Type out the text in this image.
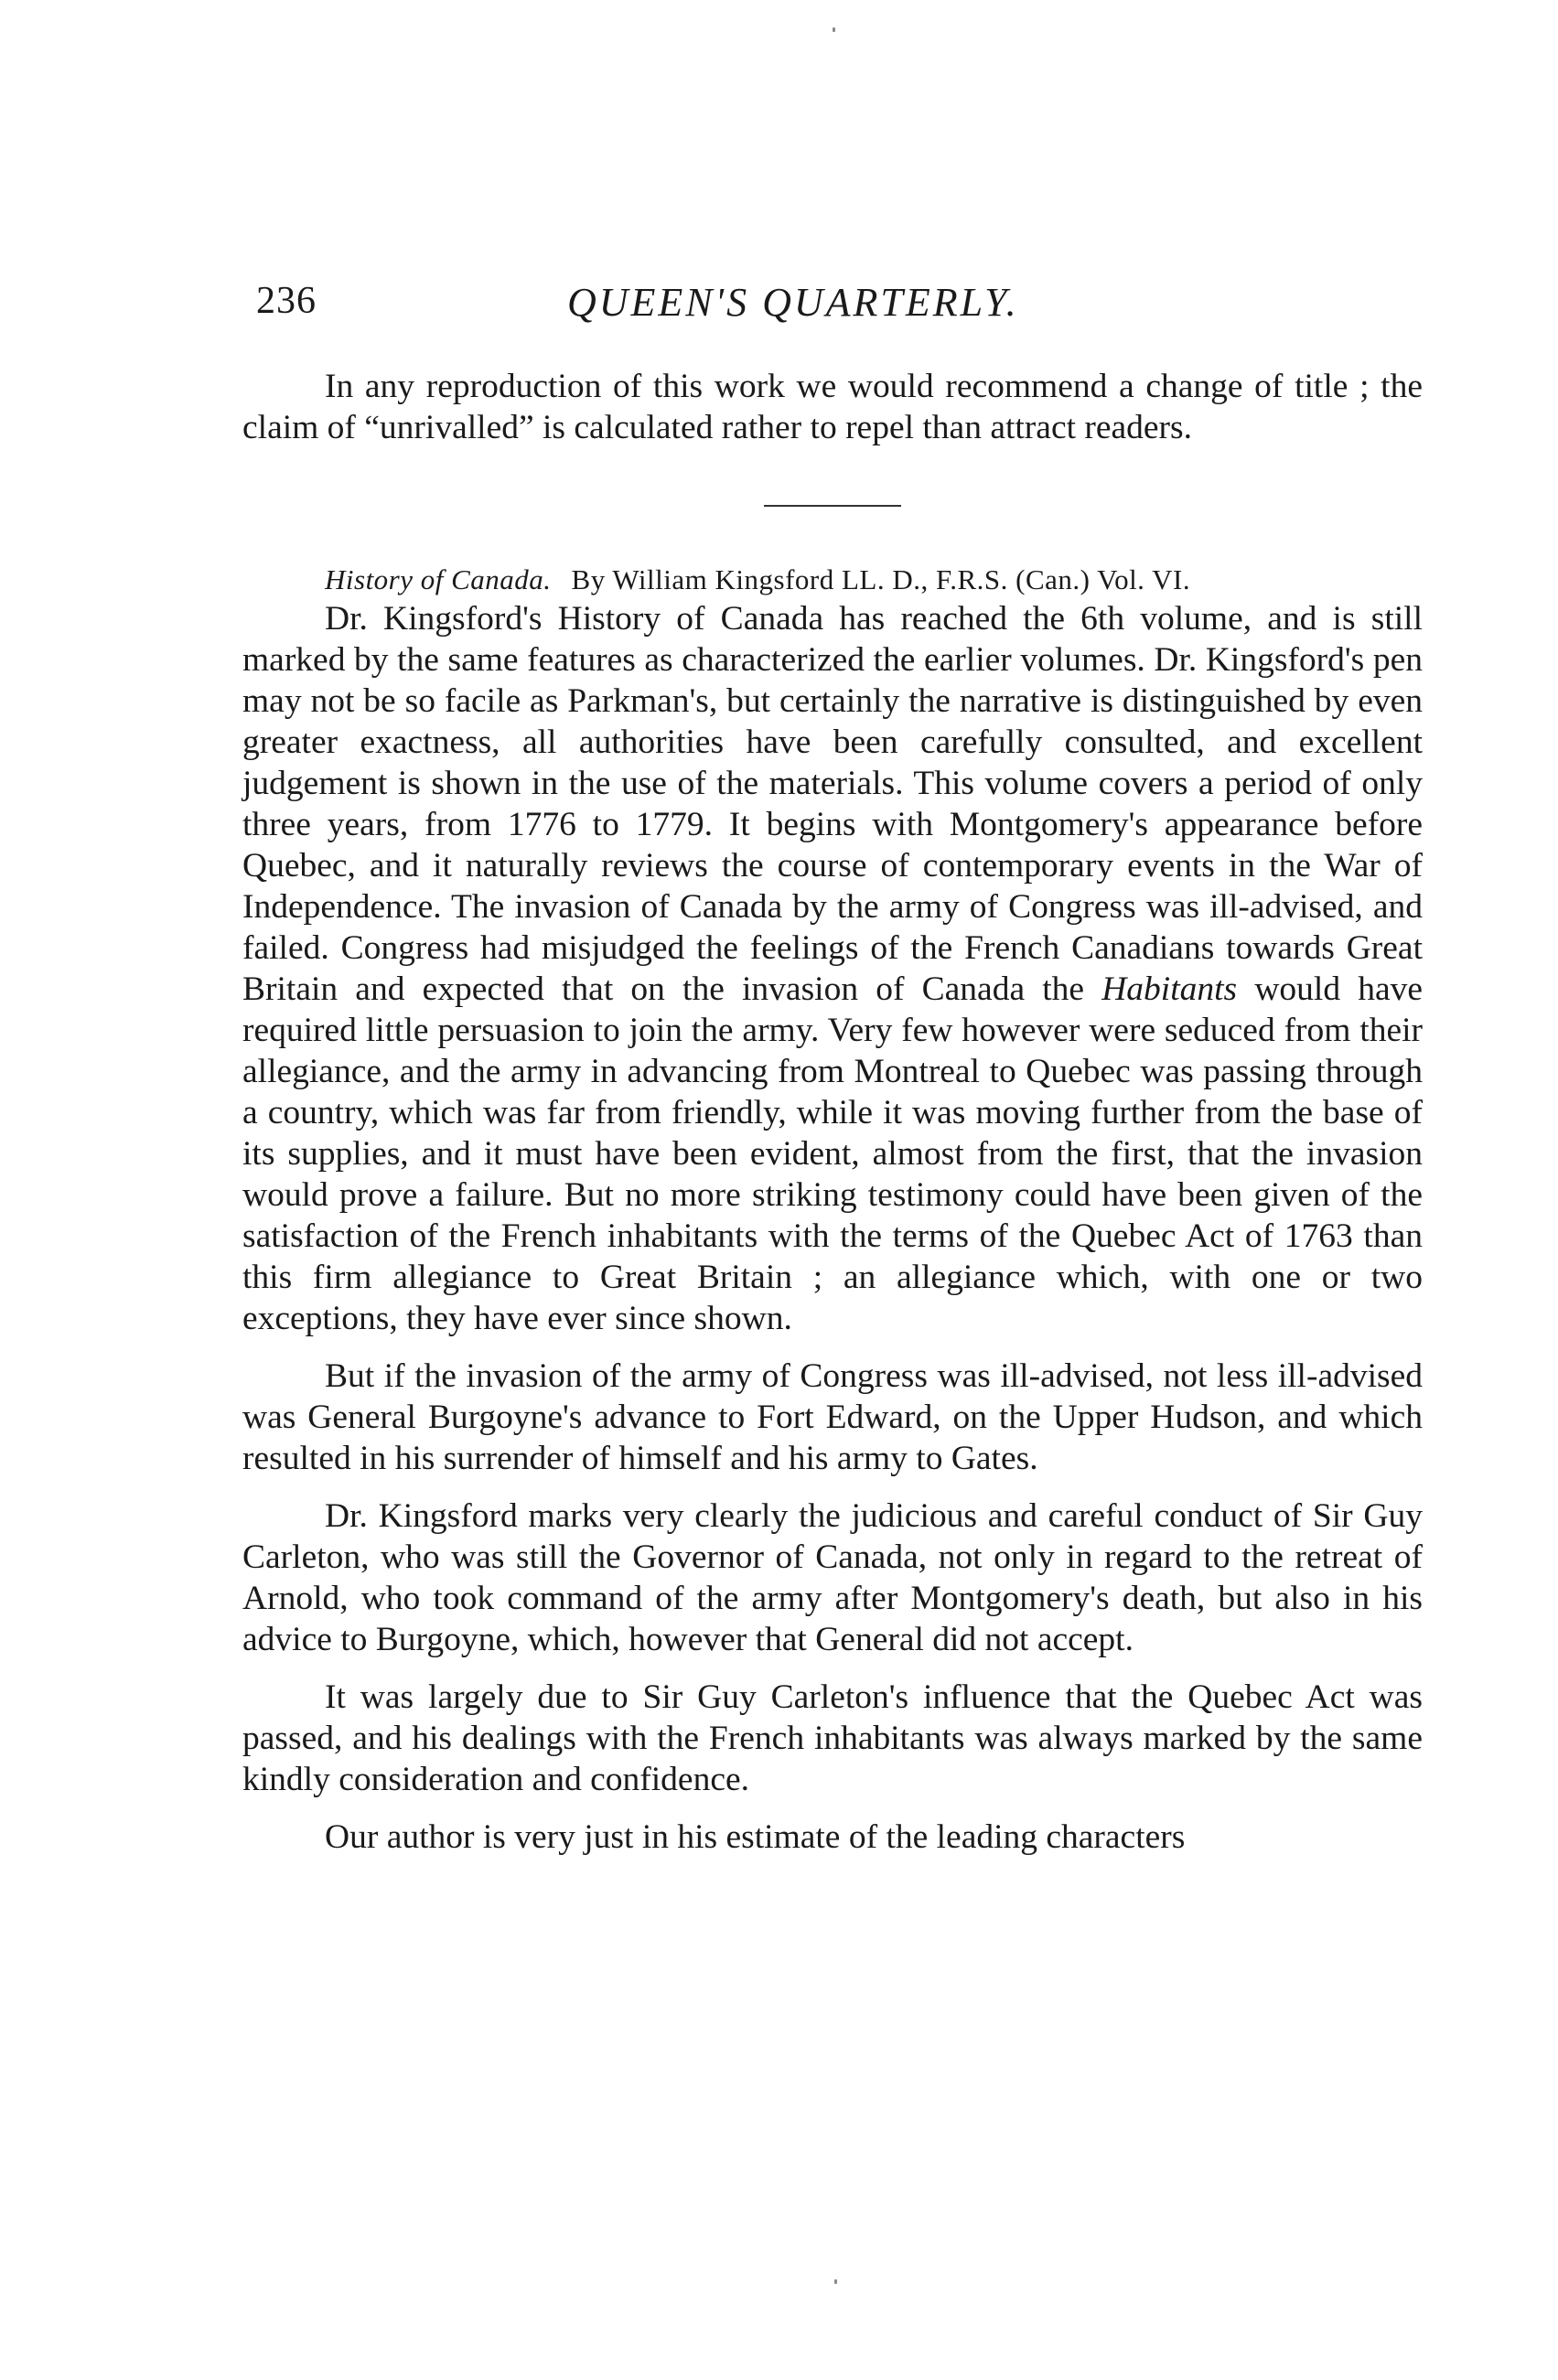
236	QUEEN'S QUARTERLY.

In any reproduction of this work we would recommend a change of title ; the claim of “unrivalled” is calculated rather to repel than attract readers.

History of Canada. By William Kingsford LL. D., F.R.S. (Can.) Vol. VI.

Dr. Kingsford's History of Canada has reached the 6th volume, and is still marked by the same features as characterized the earlier volumes. Dr. Kingsford's pen may not be so facile as Parkman's, but certainly the narrative is distinguished by even greater exactness, all authorities have been carefully consulted, and excellent judgement is shown in the use of the materials. This volume covers a period of only three years, from 1776 to 1779. It begins with Montgomery's appearance before Quebec, and it naturally reviews the course of contemporary events in the War of Independence. The invasion of Canada by the army of Congress was ill-advised, and failed. Congress had misjudged the feelings of the French Canadians towards Great Britain and expected that on the invasion of Canada the Habitants would have required little persuasion to join the army. Very few however were seduced from their allegiance, and the army in advancing from Montreal to Quebec was passing through a country, which was far from friendly, while it was moving further from the base of its supplies, and it must have been evident, almost from the first, that the invasion would prove a failure. But no more striking testimony could have been given of the satisfaction of the French inhabitants with the terms of the Quebec Act of 1763 than this firm allegiance to Great Britain ; an allegiance which, with one or two exceptions, they have ever since shown.

But if the invasion of the army of Congress was ill-advised, not less ill-advised was General Burgoyne's advance to Fort Edward, on the Upper Hudson, and which resulted in his surrender of himself and his army to Gates.

Dr. Kingsford marks very clearly the judicious and careful conduct of Sir Guy Carleton, who was still the Governor of Canada, not only in regard to the retreat of Arnold, who took command of the army after Montgomery's death, but also in his advice to Burgoyne, which, however that General did not accept.

It was largely due to Sir Guy Carleton's influence that the Quebec Act was passed, and his dealings with the French inhabitants was always marked by the same kindly consideration and confidence.

Our author is very just in his estimate of the leading characters
